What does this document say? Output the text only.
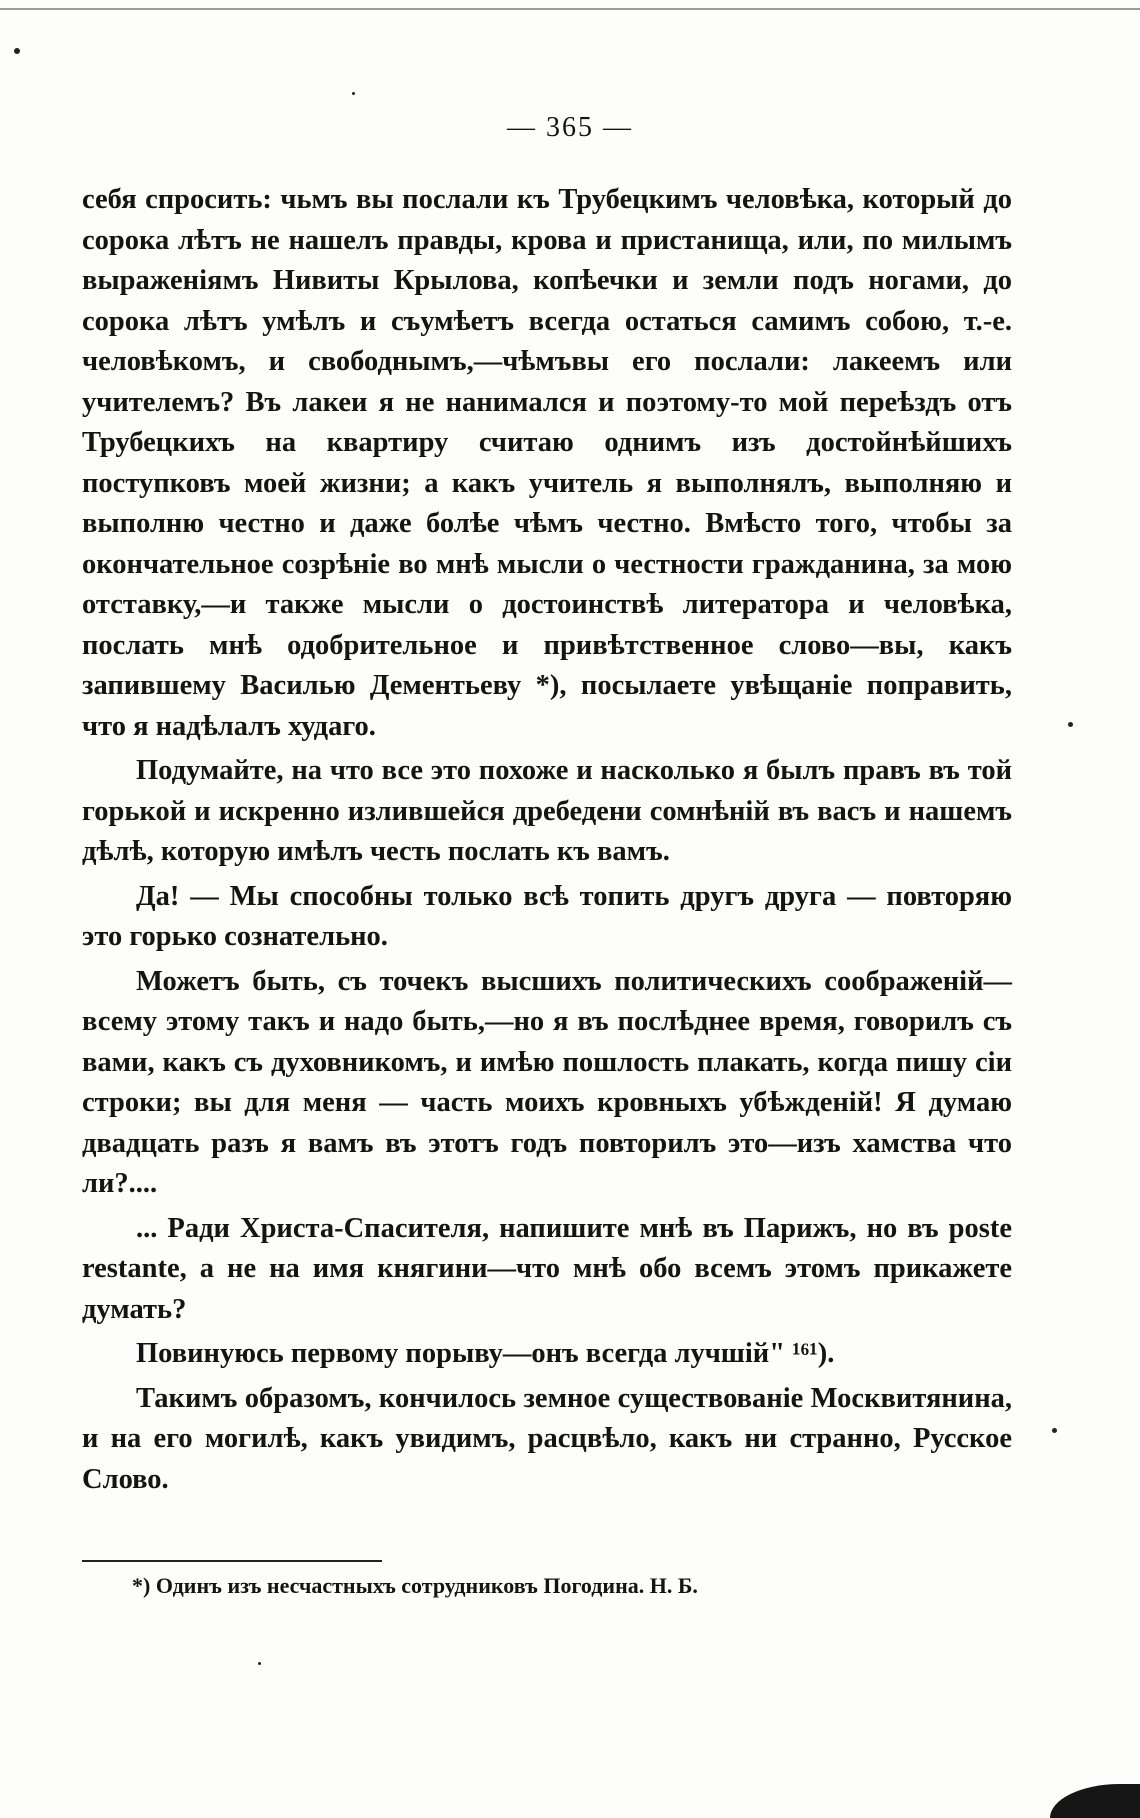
— 365 —

себя спросить: чьмъ вы послали къ Трубецкимъ человѣка, который до сорока лѣтъ не нашелъ правды, крова и пристанища, или, по милымъ выраженіямъ Нивиты Крылова, копѣечки и земли подъ ногами, до сорока лѣтъ умѣлъ и съумѣетъ всегда остаться самимъ собою, т.-е. человѣкомъ, и свободнымъ,—чѣмъвы его послали: лакеемъ или учителемъ? Въ лакеи я не нанимался и поэтому-то мой переѣздъ отъ Трубецкихъ на квартиру считаю однимъ изъ достойнѣйшихъ поступковъ моей жизни; а какъ учитель я выполнялъ, выполняю и выполню честно и даже болѣе чѣмъ честно. Вмѣсто того, чтобы за окончательное созрѣніе во мнѣ мысли о честности гражданина, за мою отставку,—и также мысли о достоинствѣ литератора и человѣка, послать мнѣ одобрительное и привѣтственное слово—вы, какъ запившему Василью Дементьеву *), посылаете увѣщаніе поправить, что я надѣлалъ худаго.

Подумайте, на что все это похоже и насколько я былъ правъ въ той горькой и искренно излившейся дребедени сомнѣній въ васъ и нашемъ дѣлѣ, которую имѣлъ честь послать къ вамъ.

Да! — Мы способны только всѣ топить другъ друга — повторяю это горько сознательно.

Можетъ быть, съ точекъ высшихъ политическихъ соображеній—всему этому такъ и надо быть,—но я въ послѣднее время, говорилъ съ вами, какъ съ духовникомъ, и имѣю пошлость плакать, когда пишу сіи строки; вы для меня — часть моихъ кровныхъ убѣжденій! Я думаю двадцать разъ я вамъ въ этотъ годъ повторилъ это—изъ хамства что ли?....

... Ради Христа-Спасителя, напишите мнѣ въ Парижъ, но въ poste restante, а не на имя княгини—что мнѣ обо всемъ этомъ прикажете думать?

Повинуюсь первому порыву—онъ всегда лучшій" ¹⁶¹).

Такимъ образомъ, кончилось земное существованіе Москвитянина, и на его могилѣ, какъ увидимъ, расцвѣло, какъ ни странно, Русское Слово.

*) Одинъ изъ несчастныхъ сотрудниковъ Погодина. Н. Б.
